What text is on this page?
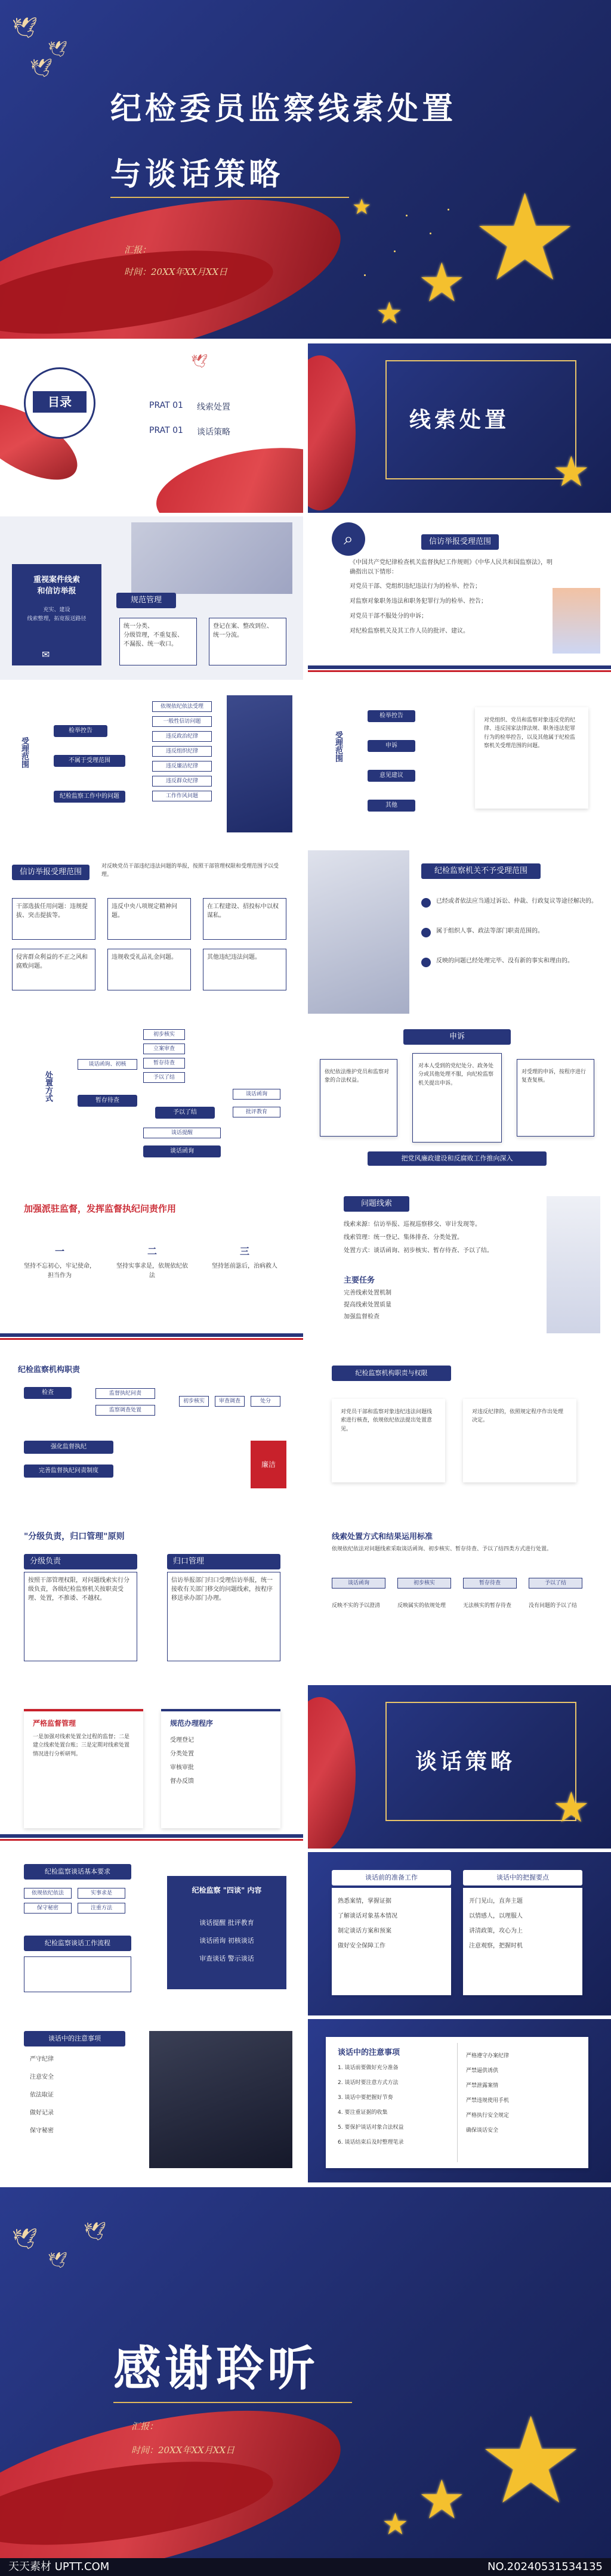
🕊
🕊
🕊
纪检委员监察线索处置
与谈话策略
汇报：
时间：20XX年XX月XX日 ★
★
★
★
目录
🕊
PRAT 01 线索处置
PRAT 01 谈话策略	线索处置
★
重视案件线索
和信访举报
充实、建设
线索整理，拓宽报送路径
✉
规范管理
统一分类、
分级管理，不重复报、
不漏报、统一收口。
登记在案、整改到位、
统一分流。
⌕	信访举报受理范围
《中国共产党纪律检查机关监督执纪工作规则》《中华人民共和国监察法》，明确指出以下情形：
对党员干部、党组织违纪违法行为的检举、控告；
对监察对象职务违法和职务犯罪行为的检举、控告；
对党员干部不服处分的申诉；
对纪检监察机关及其工作人员的批评、建议。
受理范围
检举控告
不属于受理范围
纪检监察工作中的问题
依规依纪依法受理
一般性信访问题
违反政治纪律
违反组织纪律
违反廉洁纪律
违反群众纪律
工作作风问题
受理范围
检举控告
申诉
意见建议
其他
对党组织、党员和监察对象违反党的纪律、违反国家法律法规、职务违法犯罪行为的检举控告，以及其他属于纪检监察机关受理范围的问题。
信访举报受理范围
对反映党员干部违纪违法问题的举报，按照干部管理权限和受理范围予以受理。
干部选拔任用问题：违规提拔、突击提拔等。
违反中央八项规定精神问题。
在工程建设、招投标中以权谋私。
侵害群众利益的不正之风和腐败问题。
违规收受礼品礼金问题。	其他违纪违法问题。
纪检监察机关不予受理范围
已经或者依法应当通过诉讼、仲裁、行政复议等途径解决的。
属于组织人事、政法等部门职责范围的。
反映的问题已经处理完毕、没有新的事实和理由的。
处置方式
谈话函询、初核
暂存待查
初步核实
立案审查
暂存待查
予以了结
予以了结
谈话提醒
谈话函询
谈话函询
批评教育
申诉
依纪依法维护党员和监察对象的合法权益。
对本人受到的党纪处分、政务处分或其他处理不服，向纪检监察机关提出申诉。
对受理的申诉，按程序进行复查复核。
把党风廉政建设和反腐败工作推向深入
加强派驻监督，发挥监督执纪问责作用
一
坚持不忘初心，牢记使命，担当作为
二
坚持实事求是，依规依纪依法
三
坚持惩前毖后，治病救人
问题线索
线索来源：信访举报、巡视巡察移交、审计发现等。
线索管理：统一登记、集体排查、分类处置。
处置方式：谈话函询、初步核实、暂存待查、予以了结。
主要任务
完善线索处置机制
提高线索处置质量
加强监督检查
纪检监察机构职责
检查	监督执纪问责
监察调查处置
初步核实	审查调查	处分
强化监督执纪
完善监督执纪问责制度
廉洁
纪检监察机构职责与权限
对党员干部和监察对象违纪违法问题线索进行核查，依规依纪依法提出处置意见。
对违反纪律的，依照规定程序作出处理决定。
"分级负责，归口管理"原则
分级负责
按照干部管理权限，对问题线索实行分级负责，各级纪检监察机关按职责受理、处置，不推诿、不越权。
归口管理
信访举报部门归口受理信访举报，统一接收有关部门移交的问题线索，按程序移送承办部门办理。
线索处置方式和结果运用标准
依规依纪依法对问题线索采取谈话函询、初步核实、暂存待查、予以了结四类方式进行处置。
谈话函询	初步核实	暂存待查	予以了结
反映不实的予以澄清	反映属实的依规处理	无法核实的暂存待查	没有问题的予以了结
严格监督管理
一是加强对线索处置全过程的监督；二是建立线索处置台账；三是定期对线索处置情况进行分析研判。
规范办理程序
受理登记
分类处置
审核审批
督办反馈
谈话策略
★
纪检监察谈话基本要求
依规依纪依法	实事求是
保守秘密	注重方法
纪检监察谈话工作流程
纪检监察 "四谈" 内容
谈话提醒 批评教育
谈话函询 初核谈话
审查谈话 警示谈话
谈话前的准备工作	谈话中的把握要点
熟悉案情，掌握证据
了解谈话对象基本情况
制定谈话方案和预案
做好安全保障工作
开门见山，直奔主题
以情感人，以理服人
讲清政策，攻心为上
注意观察，把握时机
谈话中的注意事项
严守纪律
注意安全
依法取证
做好记录
保守秘密
谈话中的注意事项
1. 谈话前要做好充分准备
2. 谈话时要注意方式方法
3. 谈话中要把握好节奏
4. 要注重证据的收集
5. 要保护谈话对象合法权益
6. 谈话结束后及时整理笔录
严格遵守办案纪律
严禁逼供诱供
严禁泄露案情
严禁违规使用手机
严格执行安全规定
确保谈话安全
🕊
🕊
🕊
感谢聆听
汇报：
时间：20XX年XX月XX日 ★
★
★
天天素材 UPTT.COM	NO.20240531534135
